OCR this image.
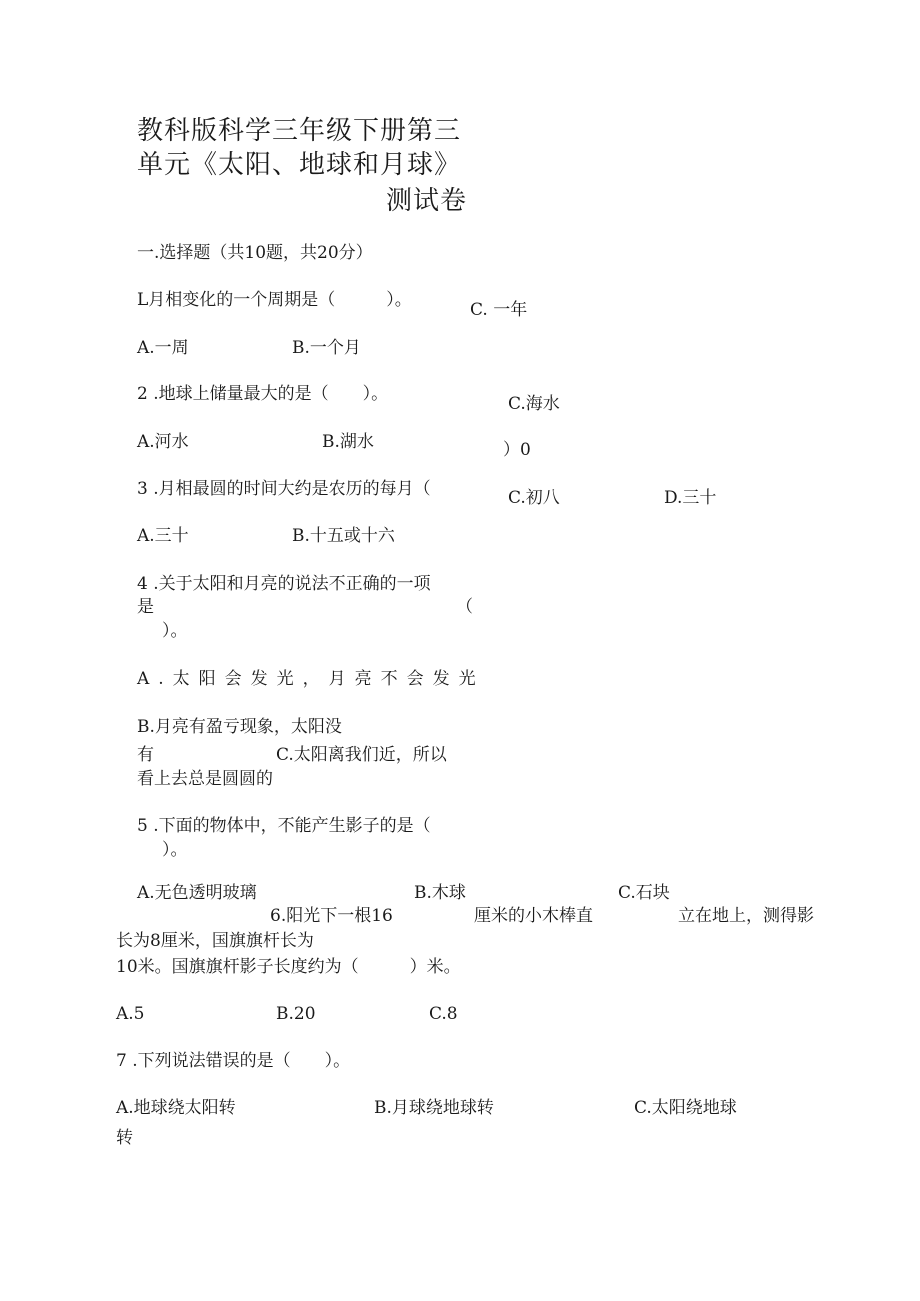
教科版科学三年级下册第三
单元《太阳、地球和月球》
测试卷
一.选择题（共10题，共20分）
L月相变化的一个周期是（　　　）。	C. 一年
A.一周	B.一个月
2 .地球上储量最大的是（　　）。	C.海水
A.河水	B.湖水	）0
3 .月相最圆的时间大约是农历的每月（	C.初八	D.三十
A.三十	B.十五或十六
4 .关于太阳和月亮的说法不正确的一项
是	（
）。
A.太阳会发光，月亮不会发光
B.月亮有盈亏现象，太阳没
有	C.太阳离我们近，所以
看上去总是圆圆的
5 .下面的物体中，不能产生影子的是（
）。
A.无色透明玻璃	B.木球	C.石块
6.阳光下一根16	厘米的小木棒直	立在地上，测得影
长为8厘米，国旗旗杆长为
10米。国旗旗杆影子长度约为（　　　）米。
A.5	B.20	C.8
7 .下列说法错误的是（　　）。
A.地球绕太阳转	B.月球绕地球转	C.太阳绕地球
转
